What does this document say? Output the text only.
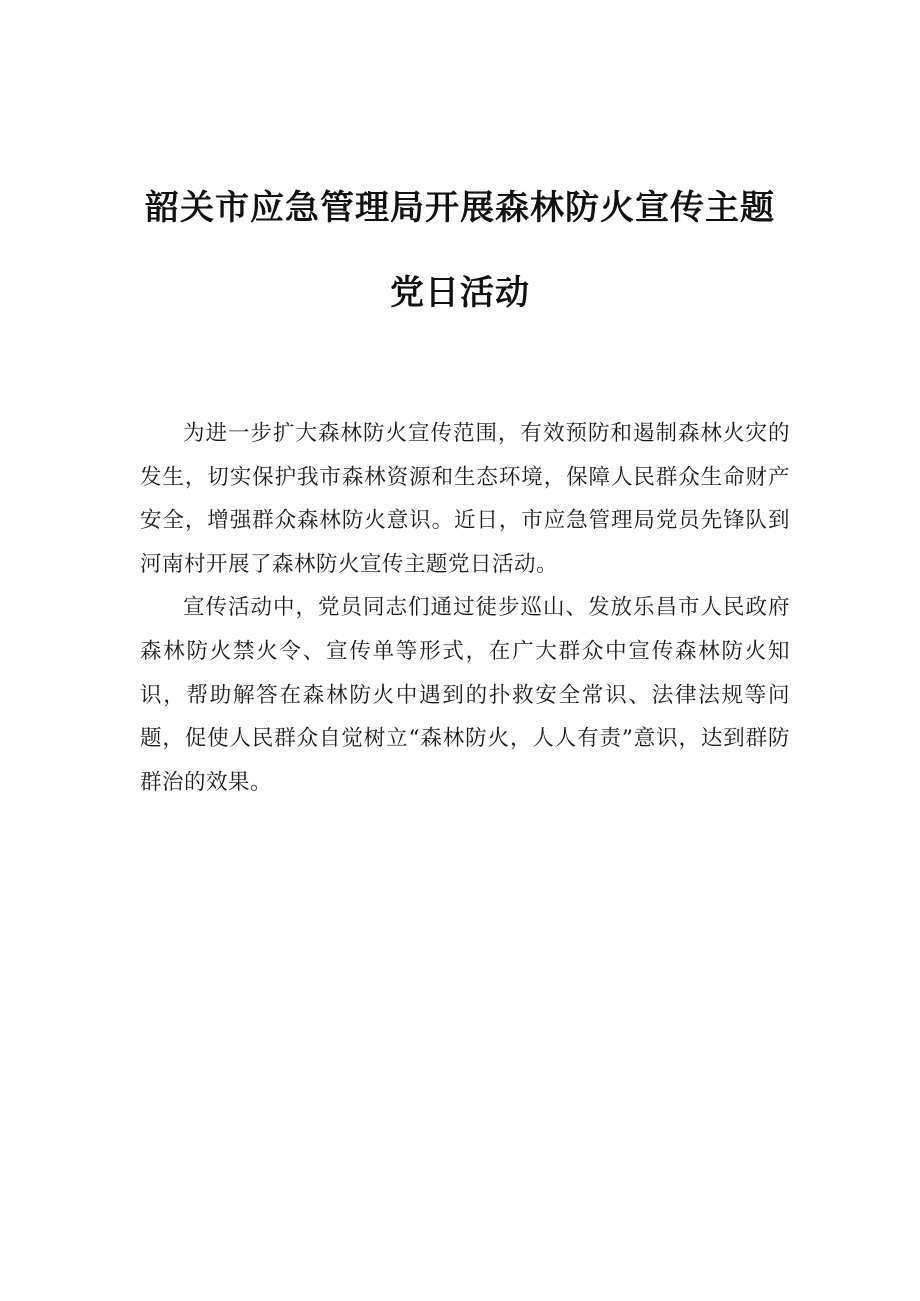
韶关市应急管理局开展森林防火宣传主题
党日活动

为进一步扩大森林防火宣传范围，有效预防和遏制森林火灾的发生，切实保护我市森林资源和生态环境，保障人民群众生命财产安全，增强群众森林防火意识。近日，市应急管理局党员先锋队到河南村开展了森林防火宣传主题党日活动。

宣传活动中，党员同志们通过徒步巡山、发放乐昌市人民政府森林防火禁火令、宣传单等形式，在广大群众中宣传森林防火知识，帮助解答在森林防火中遇到的扑救安全常识、法律法规等问题，促使人民群众自觉树立“森林防火，人人有责”意识，达到群防群治的效果。
